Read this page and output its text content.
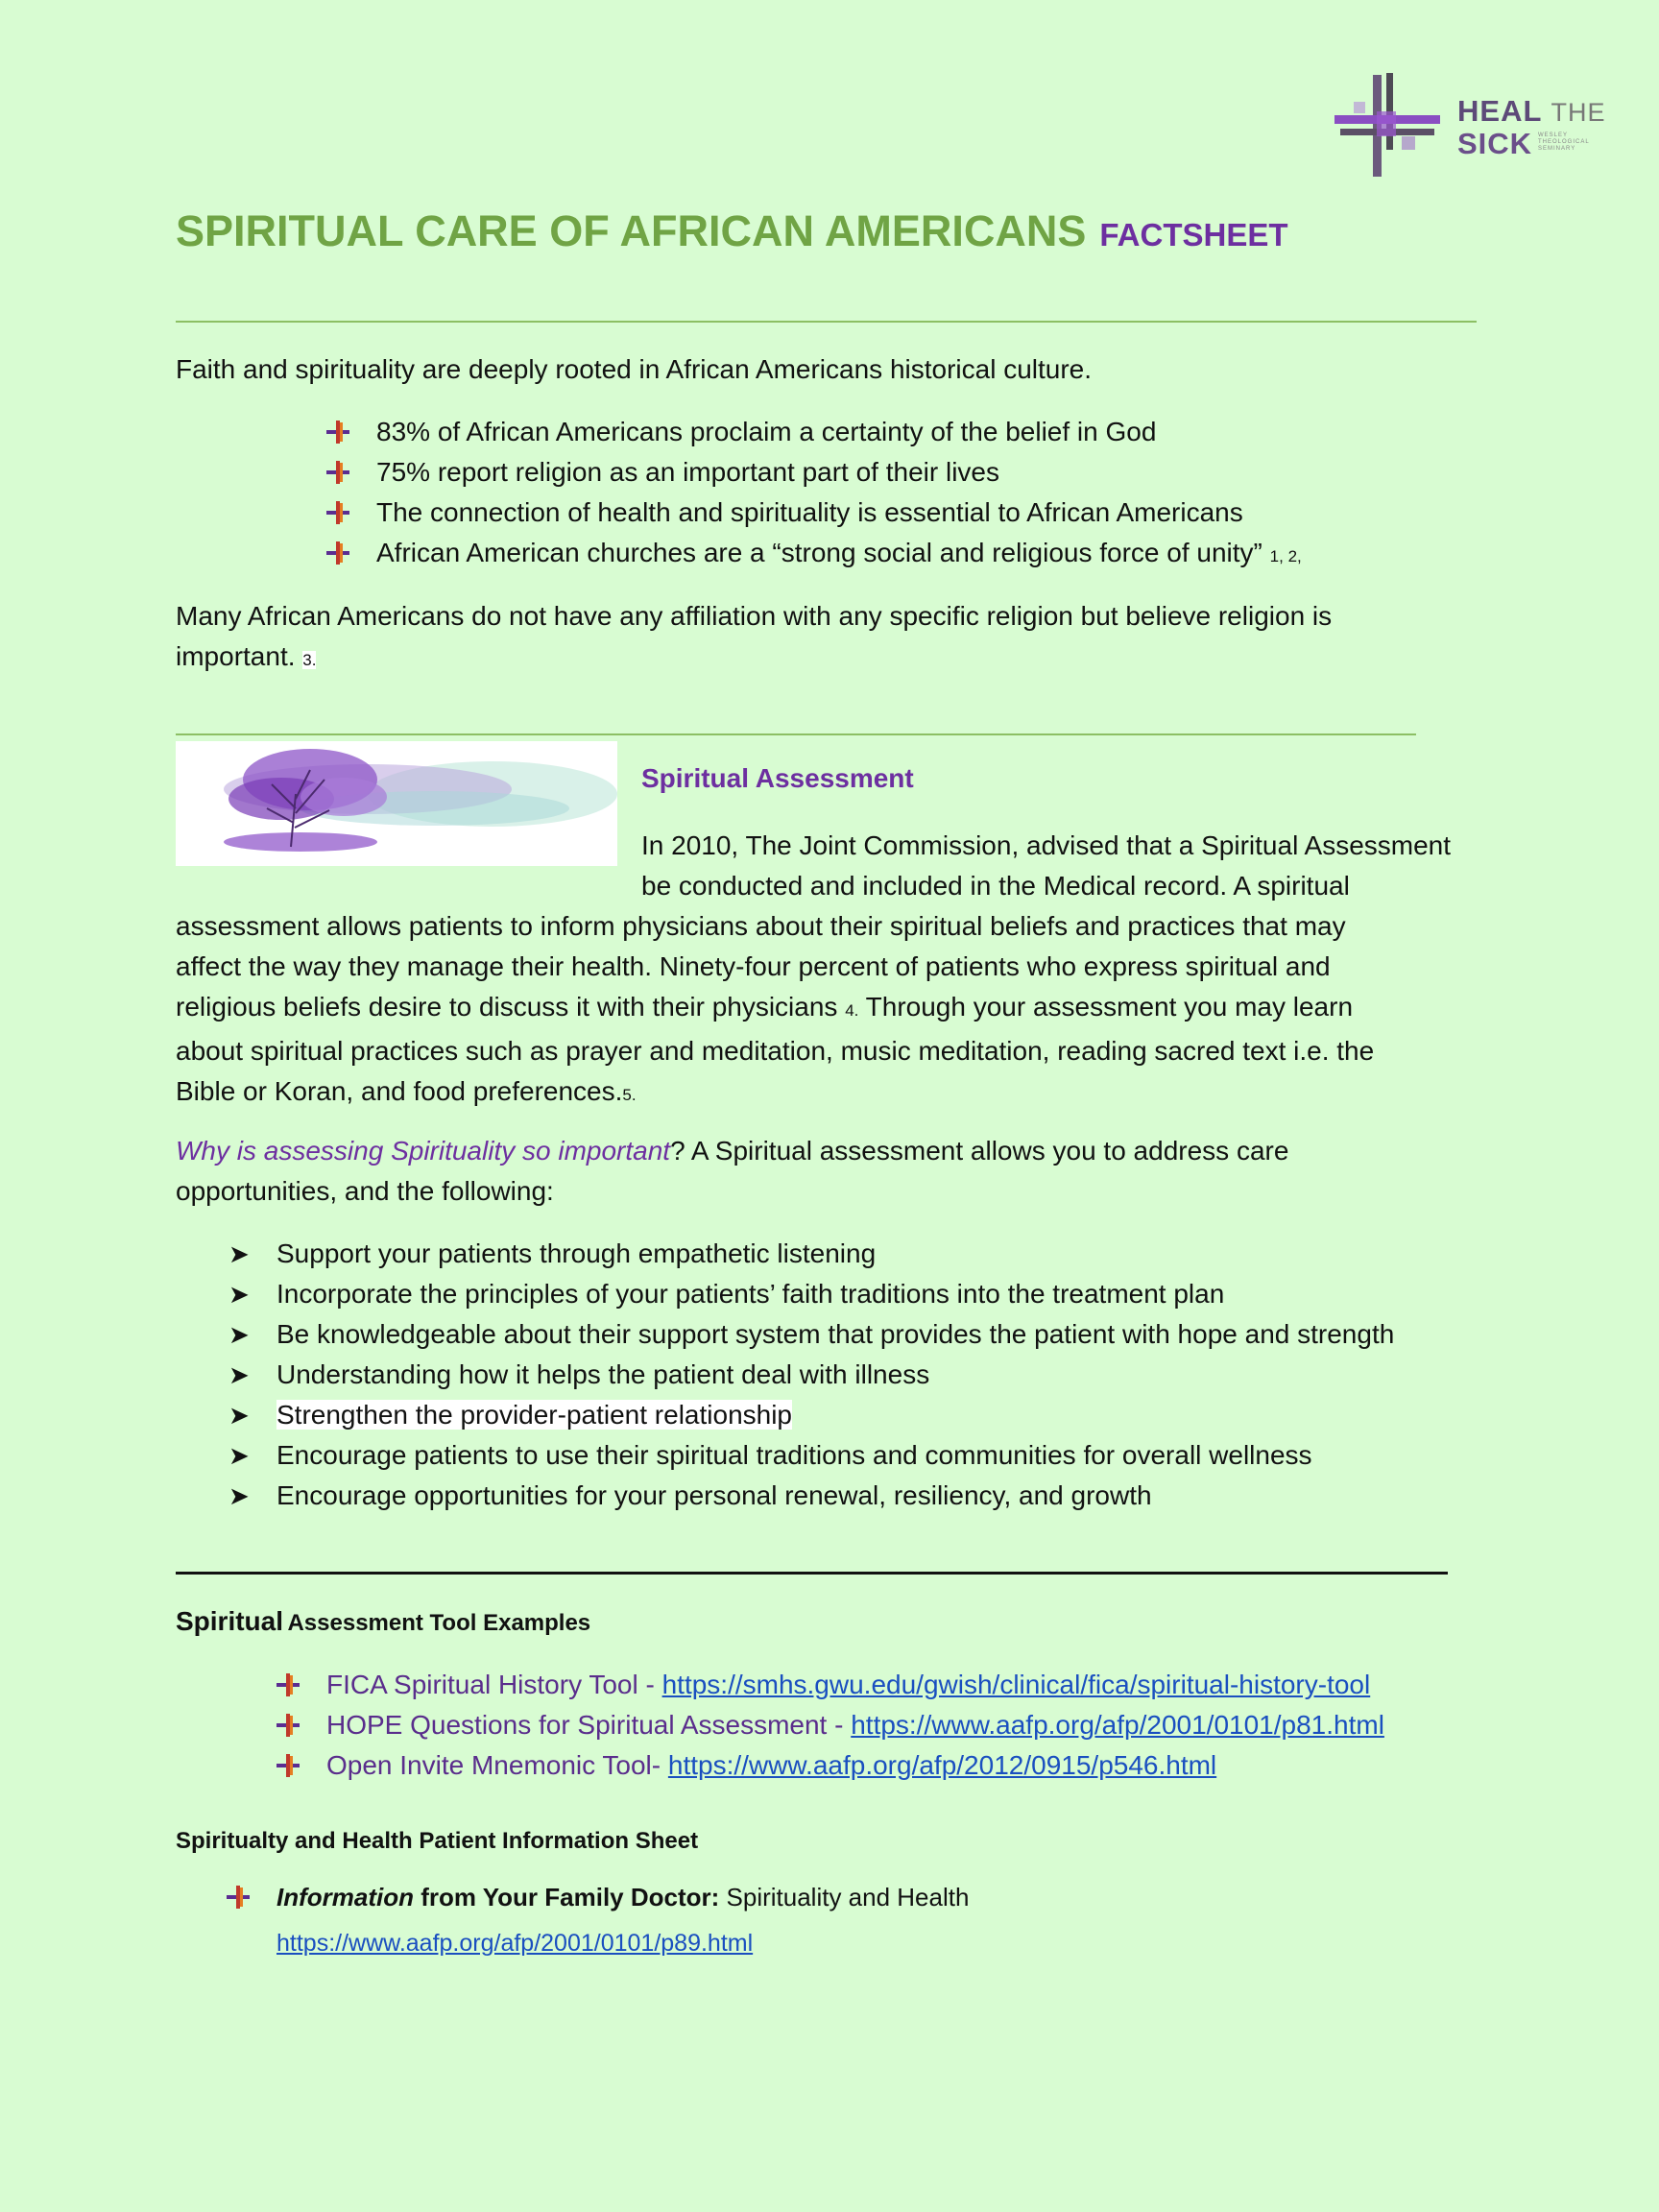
HEAL THE
SICK WESLEY THEOLOGICAL SEMINARY
SPIRITUAL CARE OF AFRICAN AMERICANS FACTSHEET
Faith and spirituality are deeply rooted in African Americans historical culture.
83% of African Americans proclaim a certainty of the belief in God
75% report religion as an important part of their lives
The connection of health and spirituality is essential to African Americans
African American churches are a “strong social and religious force of unity” 1, 2,
Many African Americans do not have any affiliation with any specific religion but believe religion is
important. 3.
Spiritual Assessment
In 2010, The Joint Commission, advised that a Spiritual Assessment
be conducted and included in the Medical record. A spiritual
assessment allows patients to inform physicians about their spiritual beliefs and practices that may
affect the way they manage their health. Ninety-four percent of patients who express spiritual and
religious beliefs desire to discuss it with their physicians 4. Through your assessment you may learn
about spiritual practices such as prayer and meditation, music meditation, reading sacred text i.e. the
Bible or Koran, and food preferences.5.
Why is assessing Spirituality so important? A Spiritual assessment allows you to address care
opportunities, and the following:
➤ Support your patients through empathetic listening
➤ Incorporate the principles of your patients’ faith traditions into the treatment plan
➤ Be knowledgeable about their support system that provides the patient with hope and strength
➤ Understanding how it helps the patient deal with illness
➤ Strengthen the provider-patient relationship
➤ Encourage patients to use their spiritual traditions and communities for overall wellness
➤ Encourage opportunities for your personal renewal, resiliency, and growth
Spiritual Assessment Tool Examples
FICA Spiritual History Tool - https://smhs.gwu.edu/gwish/clinical/fica/spiritual-history-tool
HOPE Questions for Spiritual Assessment - https://www.aafp.org/afp/2001/0101/p81.html
Open Invite Mnemonic Tool- https://www.aafp.org/afp/2012/0915/p546.html
Spiritualty and Health Patient Information Sheet
Information from Your Family Doctor: Spirituality and Health
https://www.aafp.org/afp/2001/0101/p89.html
